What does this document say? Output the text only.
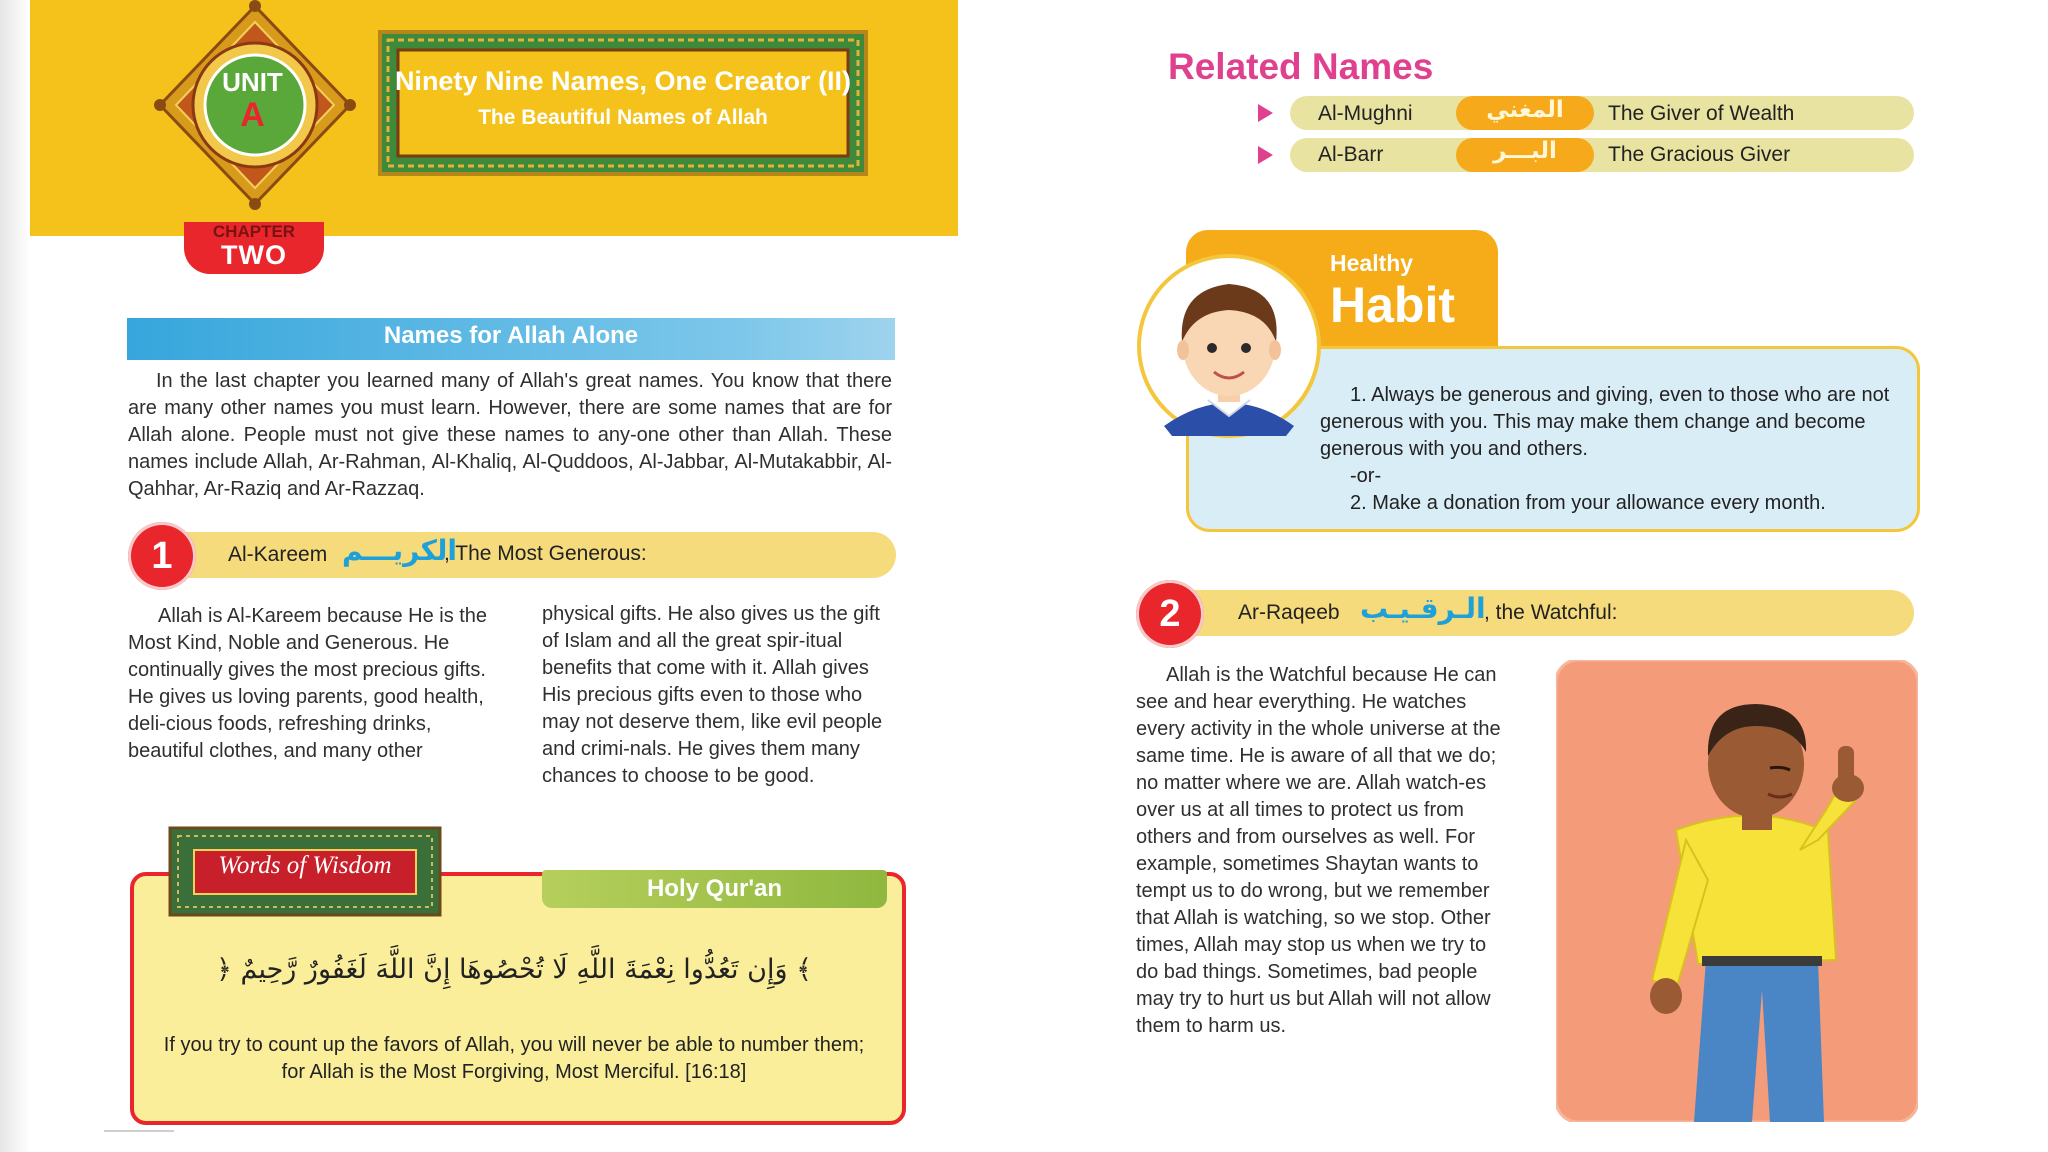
UNIT
A
CHAPTER
TWO
Ninety Nine Names, One Creator (II)
The Beautiful Names of Allah
Names for Allah Alone
In the last chapter you learned many of Allah's great names. You know that there are many other names you must learn. However, there are some names that are for Allah alone. People must not give these names to any-one other than Allah. These names include Allah, Ar-Rahman, Al-Khaliq, Al-Quddoos, Al-Jabbar, Al-Mutakabbir, Al-Qahhar, Ar-Raziq and Ar-Razzaq.
1	Al-Kareem الكريـــم
, The Most Generous:
Allah is Al-Kareem because He is the Most Kind, Noble and Generous. He continually gives the most precious gifts. He gives us loving parents, good health, deli-cious foods, refreshing drinks, beautiful clothes, and many other
physical gifts. He also gives us the gift of Islam and all the great spir-itual benefits that come with it. Allah gives His precious gifts even to those who may not deserve them, like evil people and crimi-nals. He gives them many chances to choose to be good.
Holy Qur'an
Words of Wisdom
﴿ وَإِن تَعُدُّوا نِعْمَةَ اللَّهِ لَا تُحْصُوهَا إِنَّ اللَّهَ لَغَفُورٌ رَّحِيمٌ ﴾
If you try to count up the favors of Allah, you will never be able to number them; for Allah is the Most Forgiving, Most Merciful. [16:18]
Related Names
Al-Mughni	المغني	The Giver of Wealth
Al-Barr	البـــر	The Gracious Giver
Healthy
Habit
1. Always be generous and giving, even to those who are not generous with you. This may make them change and become generous with you and others.
-or-
2. Make a donation from your allowance every month.
2	Ar-Raqeeb الـرقـيـب
, the Watchful:
Allah is the Watchful because He can see and hear everything. He watches every activity in the whole universe at the same time. He is aware of all that we do; no matter where we are. Allah watch-es over us at all times to protect us from others and from ourselves as well. For example, sometimes Shaytan wants to tempt us to do wrong, but we remember that Allah is watching, so we stop. Other times, Allah may stop us when we try to do bad things. Sometimes, bad people may try to hurt us but Allah will not allow them to harm us.
